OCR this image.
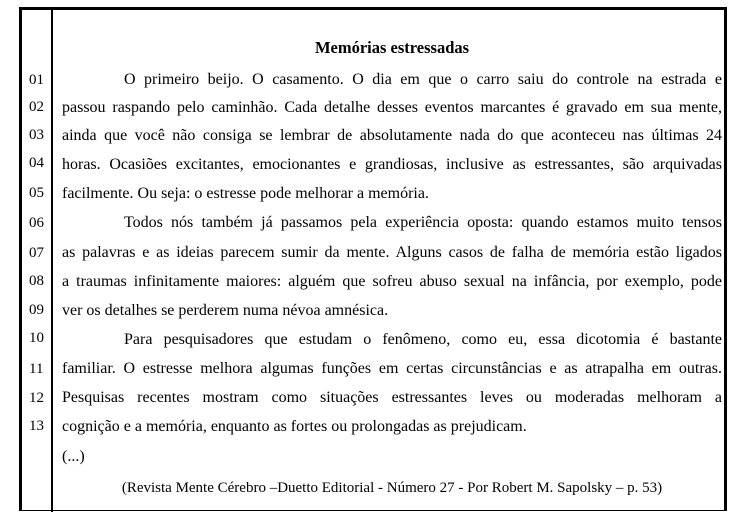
01
02
03
04
05
06
07
08
09
10
11
12
13
Memórias estressadas
O primeiro beijo. O casamento. O dia em que o carro saiu do controle na estrada e
passou raspando pelo caminhão. Cada detalhe desses eventos marcantes é gravado em sua mente,
ainda que você não consiga se lembrar de absolutamente nada do que aconteceu nas últimas 24
horas. Ocasiões excitantes, emocionantes e grandiosas, inclusive as estressantes, são arquivadas
facilmente. Ou seja: o estresse pode melhorar a memória.
Todos nós também já passamos pela experiência oposta: quando estamos muito tensos
as palavras e as ideias parecem sumir da mente. Alguns casos de falha de memória estão ligados
a traumas infinitamente maiores: alguém que sofreu abuso sexual na infância, por exemplo, pode
ver os detalhes se perderem numa névoa amnésica.
Para pesquisadores que estudam o fenômeno, como eu, essa dicotomia é bastante
familiar. O estresse melhora algumas funções em certas circunstâncias e as atrapalha em outras.
Pesquisas recentes mostram como situações estressantes leves ou moderadas melhoram a
cognição e a memória, enquanto as fortes ou prolongadas as prejudicam.
(...)
(Revista Mente Cérebro –Duetto Editorial - Número 27 - Por Robert M. Sapolsky – p. 53)
